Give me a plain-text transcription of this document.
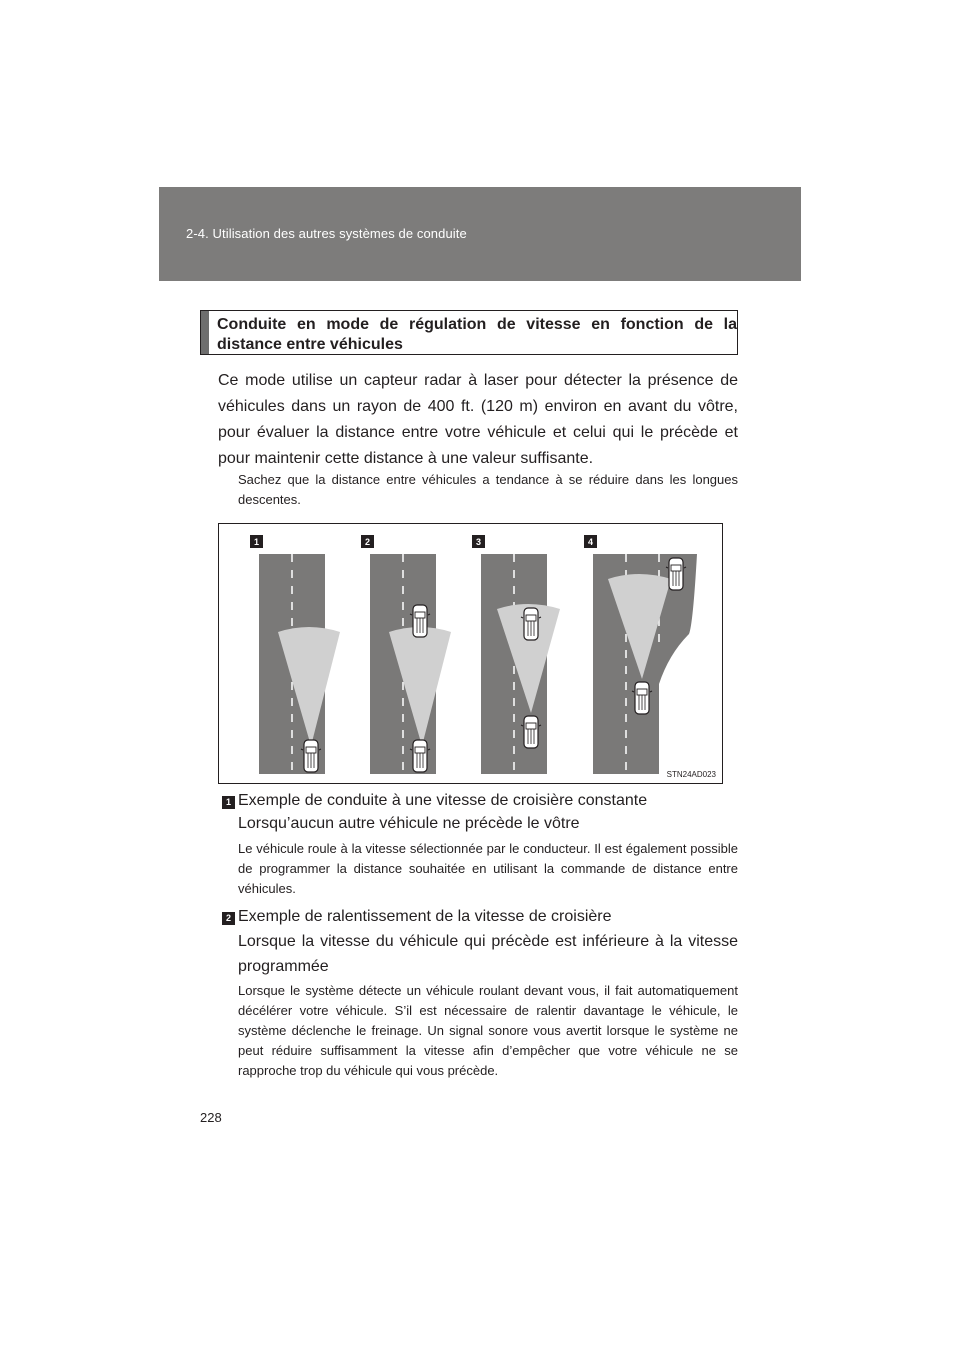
2-4. Utilisation des autres systèmes de conduite
Conduite en mode de régulation de vitesse en fonction de la distance entre véhicules
Ce mode utilise un capteur radar à laser pour détecter la présence de véhicules dans un rayon de 400 ft. (120 m) environ en avant du vôtre, pour évaluer la distance entre votre véhicule et celui qui le précède et pour maintenir cette distance à une valeur suffisante.
Sachez que la distance entre véhicules a tendance à se réduire dans les longues descentes.
1	2	3	4
STN24AD023
1 Exemple de conduite à une vitesse de croisière constante
Lorsqu’aucun autre véhicule ne précède le vôtre
Le véhicule roule à la vitesse sélectionnée par le conducteur. Il est également possible de programmer la distance souhaitée en utilisant la commande de distance entre véhicules.
2 Exemple de ralentissement de la vitesse de croisière
Lorsque la vitesse du véhicule qui précède est inférieure à la vitesse programmée
Lorsque le système détecte un véhicule roulant devant vous, il fait automatiquement décélérer votre véhicule. S’il est nécessaire de ralentir davantage le véhicule, le système déclenche le freinage. Un signal sonore vous avertit lorsque le système ne peut réduire suffisamment la vitesse afin d’empêcher que votre véhicule ne se rapproche trop du véhicule qui vous précède.
228
